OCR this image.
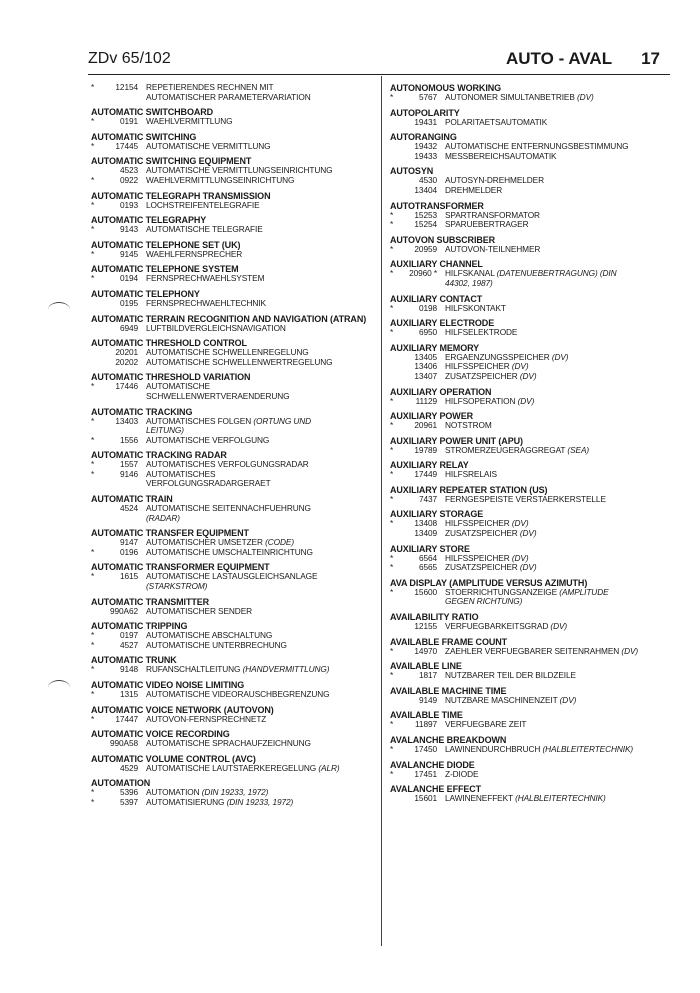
ZDv 65/102	AUTO - AVAL 17
*	12154 REPETIERENDES RECHNEN MIT
AUTOMATISCHER PARAMETERVARIATION
AUTOMATIC SWITCHBOARD
*	0191 WAEHLVERMITTLUNG
AUTOMATIC SWITCHING
*	17445 AUTOMATISCHE VERMITTLUNG
AUTOMATIC SWITCHING EQUIPMENT
4523 AUTOMATISCHE VERMITTLUNGSEINRICHTUNG
*	0922 WAEHLVERMITTLUNGSEINRICHTUNG
AUTOMATIC TELEGRAPH TRANSMISSION
*	0193 LOCHSTREIFENTELEGRAFIE
AUTOMATIC TELEGRAPHY
*	9143 AUTOMATISCHE TELEGRAFIE
AUTOMATIC TELEPHONE SET (UK)
*	9145 WAEHLFERNSPRECHER
AUTOMATIC TELEPHONE SYSTEM
*	0194 FERNSPRECHWAEHLSYSTEM
AUTOMATIC TELEPHONY
0195 FERNSPRECHWAEHLTECHNIK
AUTOMATIC TERRAIN RECOGNITION AND NAVIGATION (ATRAN)
6949 LUFTBILDVERGLEICHSNAVIGATION
AUTOMATIC THRESHOLD CONTROL
20201 AUTOMATISCHE SCHWELLENREGELUNG
20202 AUTOMATISCHE SCHWELLENWERTREGELUNG
AUTOMATIC THRESHOLD VARIATION
*	17446 AUTOMATISCHE
SCHWELLENWERTVERAENDERUNG
AUTOMATIC TRACKING
*	13403 AUTOMATISCHES FOLGEN (ORTUNG UND
LEITUNG)
*	1556 AUTOMATISCHE VERFOLGUNG
AUTOMATIC TRACKING RADAR
*	1557 AUTOMATISCHES VERFOLGUNGSRADAR
*	9146 AUTOMATISCHES
VERFOLGUNGSRADARGERAET
AUTOMATIC TRAIN
4524 AUTOMATISCHE SEITENNACHFUEHRUNG
(RADAR)
AUTOMATIC TRANSFER EQUIPMENT
9147 AUTOMATISCHER UMSETZER (CODE)
*	0196 AUTOMATISCHE UMSCHALTEINRICHTUNG
AUTOMATIC TRANSFORMER EQUIPMENT
*	1615 AUTOMATISCHE LASTAUSGLEICHSANLAGE
(STARKSTROM)
AUTOMATIC TRANSMITTER
990A62 AUTOMATISCHER SENDER
AUTOMATIC TRIPPING
*	0197 AUTOMATISCHE ABSCHALTUNG
*	4527 AUTOMATISCHE UNTERBRECHUNG
AUTOMATIC TRUNK
*	9148 RUFANSCHALTLEITUNG (HANDVERMITTLUNG)
AUTOMATIC VIDEO NOISE LIMITING
*	1315 AUTOMATISCHE VIDEORAUSCHBEGRENZUNG
AUTOMATIC VOICE NETWORK (AUTOVON)
*	17447 AUTOVON-FERNSPRECHNETZ
AUTOMATIC VOICE RECORDING
990A58 AUTOMATISCHE SPRACHAUFZEICHNUNG
AUTOMATIC VOLUME CONTROL (AVC)
4529 AUTOMATISCHE LAUTSTAERKEREGELUNG (ALR)
AUTOMATION
*	5396 AUTOMATION (DIN 19233, 1972)
*	5397 AUTOMATISIERUNG (DIN 19233, 1972)
AUTONOMOUS WORKING
*	5767 AUTONOMER SIMULTANBETRIEB (DV)
AUTOPOLARITY
19431 POLARITAETSAUTOMATIK
AUTORANGING
19432 AUTOMATISCHE ENTFERNUNGSBESTIMMUNG
19433 MESSBEREICHSAUTOMATIK
AUTOSYN
4530 AUTOSYN-DREHMELDER
13404 DREHMELDER
AUTOTRANSFORMER
*	15253 SPARTRANSFORMATOR
*	15254 SPARUEBERTRAGER
AUTOVON SUBSCRIBER
*	20959 AUTOVON-TEILNEHMER
AUXILIARY CHANNEL
*	20960 * HILFSKANAL (DATENUEBERTRAGUNG) (DIN
44302, 1987)
AUXILIARY CONTACT
*	0198 HILFSKONTAKT
AUXILIARY ELECTRODE
*	6950 HILFSELEKTRODE
AUXILIARY MEMORY
13405 ERGAENZUNGSSPEICHER (DV)
13406 HILFSSPEICHER (DV)
13407 ZUSATZSPEICHER (DV)
AUXILIARY OPERATION
*	11129 HILFSOPERATION (DV)
AUXILIARY POWER
*	20961 NOTSTROM
AUXILIARY POWER UNIT (APU)
*	19789 STROMERZEUGERAGGREGAT (SEA)
AUXILIARY RELAY
*	17449 HILFSRELAIS
AUXILIARY REPEATER STATION (US)
*	7437 FERNGESPEISTE VERSTAERKERSTELLE
AUXILIARY STORAGE
*	13408 HILFSSPEICHER (DV)
13409 ZUSATZSPEICHER (DV)
AUXILIARY STORE
*	6564 HILFSSPEICHER (DV)
*	6565 ZUSATZSPEICHER (DV)
AVA DISPLAY (AMPLITUDE VERSUS AZIMUTH)
*	15600 STOERRICHTUNGSANZEIGE (AMPLITUDE
GEGEN RICHTUNG)
AVAILABILITY RATIO
12155 VERFUEGBARKEITSGRAD (DV)
AVAILABLE FRAME COUNT
*	14970 ZAEHLER VERFUEGBARER SEITENRAHMEN (DV)
AVAILABLE LINE
*	1817 NUTZBARER TEIL DER BILDZEILE
AVAILABLE MACHINE TIME
9149 NUTZBARE MASCHINENZEIT (DV)
AVAILABLE TIME
*	11897 VERFUEGBARE ZEIT
AVALANCHE BREAKDOWN
*	17450 LAWINENDURCHBRUCH (HALBLEITERTECHNIK)
AVALANCHE DIODE
*	17451 Z-DIODE
AVALANCHE EFFECT
15601 LAWINENEFFEKT (HALBLEITERTECHNIK)
